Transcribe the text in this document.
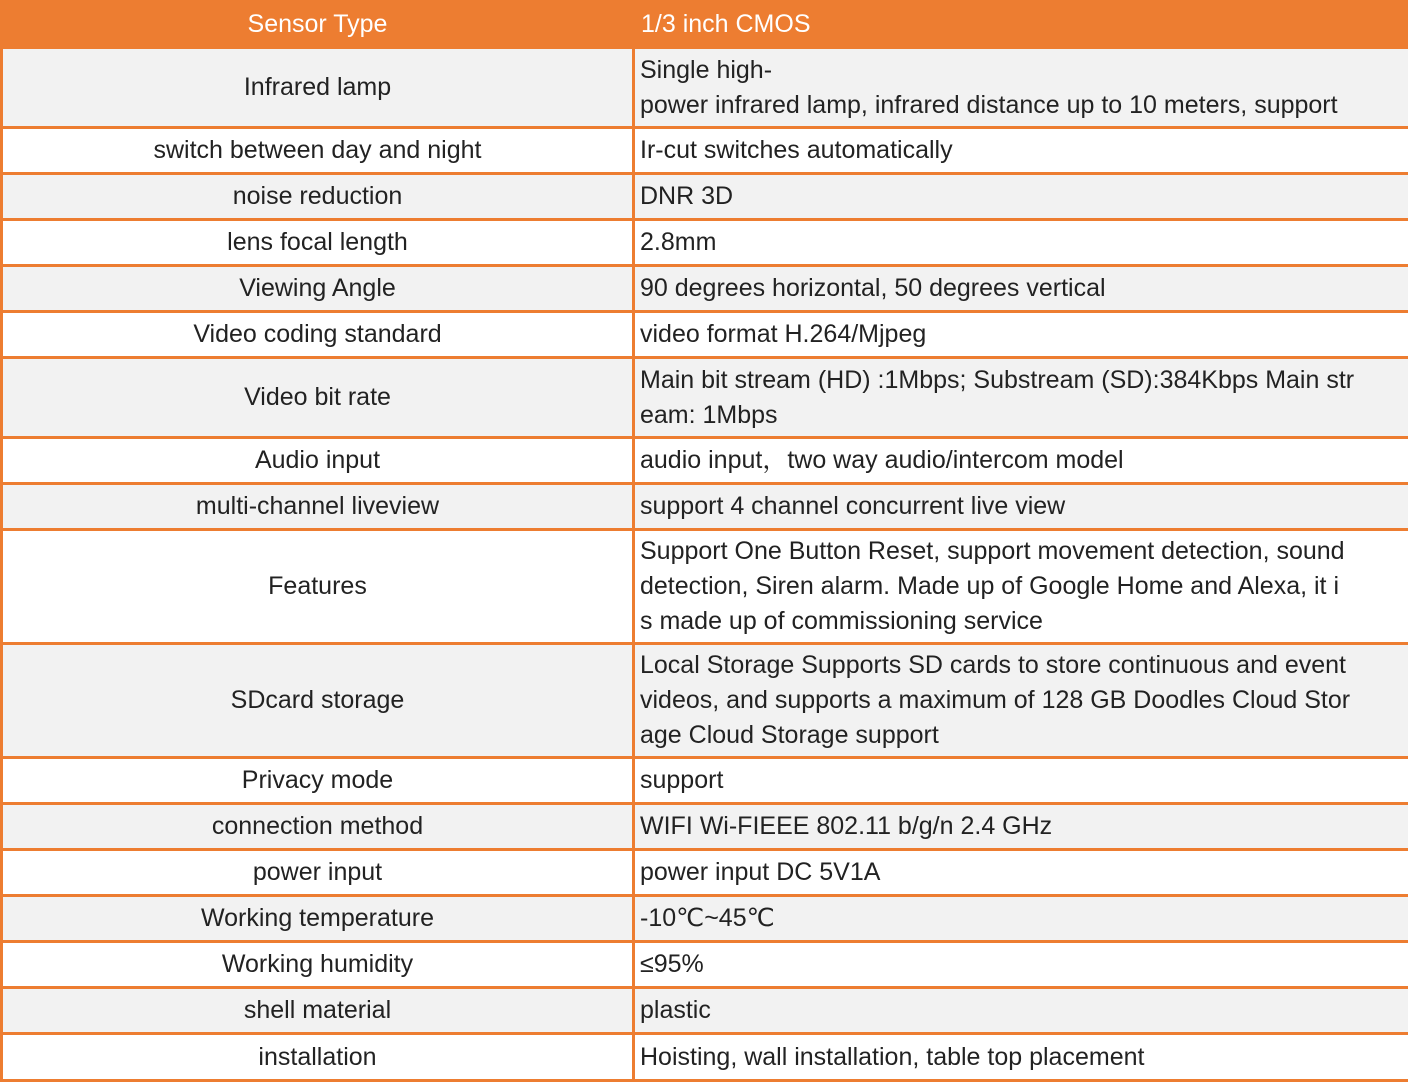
Sensor Type	1/3 inch CMOS
Infrared lamp	Single high-
power infrared lamp, infrared distance up to 10 meters, support
switch between day and night	Ir-cut switches automatically
noise reduction	DNR 3D
lens focal length	2.8mm
Viewing Angle	90 degrees horizontal, 50 degrees vertical
Video coding standard	video format H.264/Mjpeg
Video bit rate	Main bit stream (HD) :1Mbps; Substream (SD):384Kbps Main str
eam: 1Mbps
Audio input	audio input，two way audio/intercom model
multi-channel liveview	support 4 channel concurrent live view
Features	Support One Button Reset, support movement detection, sound
detection, Siren alarm. Made up of Google Home and Alexa, it i
s made up of commissioning service
SDcard storage	Local Storage Supports SD cards to store continuous and event
videos, and supports a maximum of 128 GB Doodles Cloud Stor
age Cloud Storage support
Privacy mode	support
connection method	WIFI Wi-FIEEE 802.11 b/g/n 2.4 GHz
power input	power input DC 5V1A
Working temperature	-10℃~45℃
Working humidity	≤95%
shell material	plastic
installation	Hoisting, wall installation, table top placement
